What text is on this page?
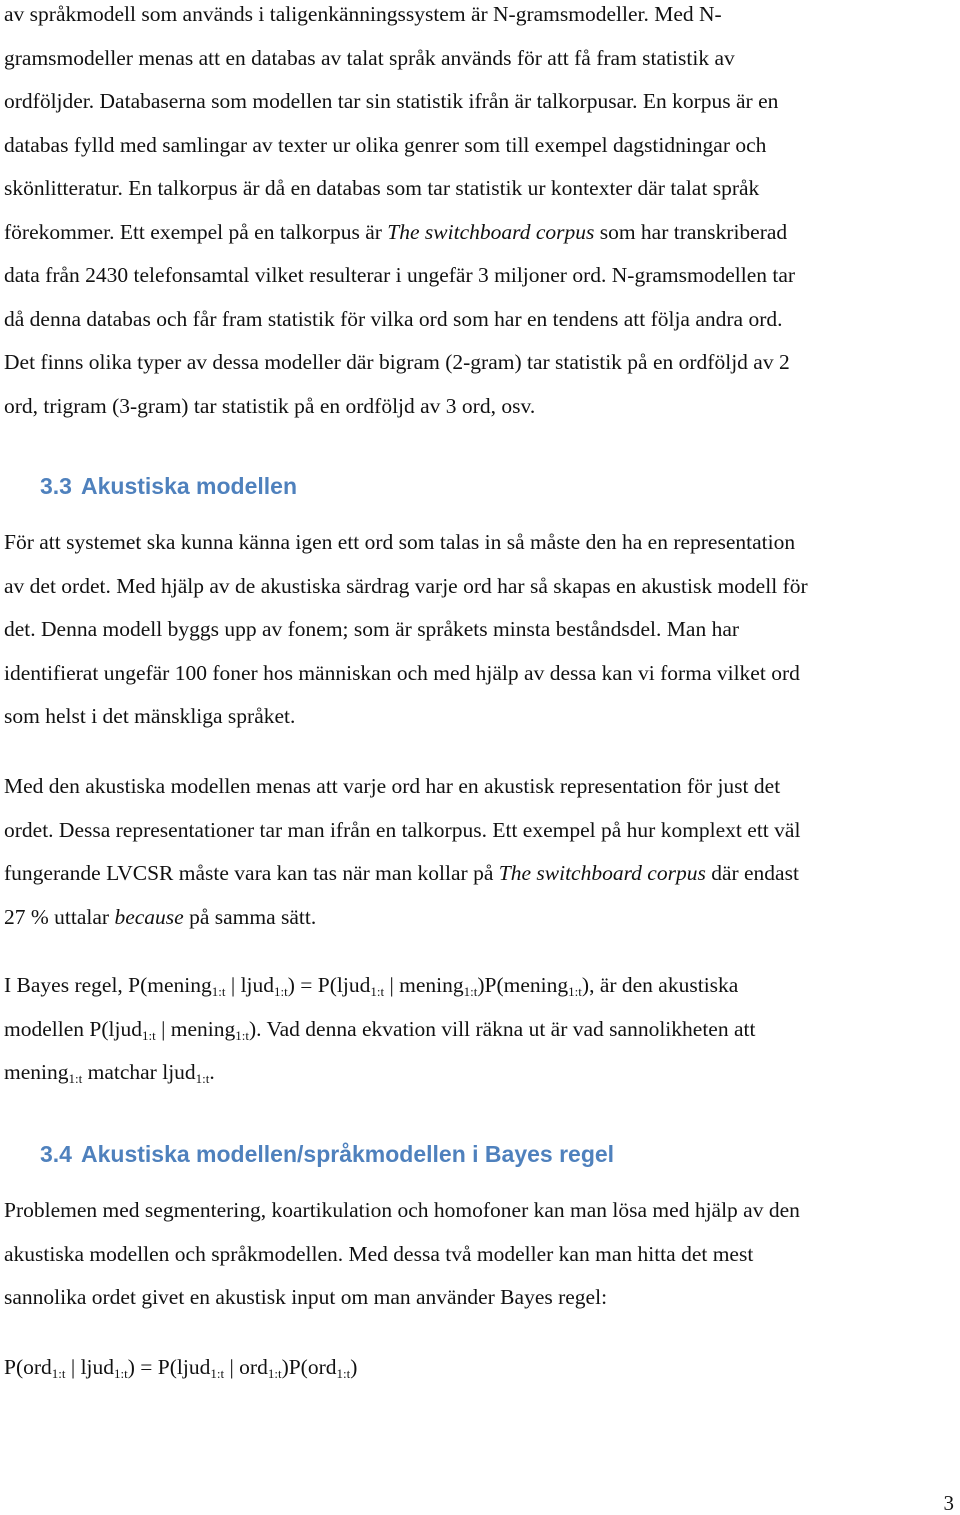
av språkmodell som används i taligenkänningssystem är N-gramsmodeller. Med N-
gramsmodeller menas att en databas av talat språk används för att få fram statistik av
ordföljder. Databaserna som modellen tar sin statistik ifrån är talkorpusar. En korpus är en
databas fylld med samlingar av texter ur olika genrer som till exempel dagstidningar och
skönlitteratur. En talkorpus är då en databas som tar statistik ur kontexter där talat språk
förekommer. Ett exempel på en talkorpus är The switchboard corpus som har transkriberad
data från 2430 telefonsamtal vilket resulterar i ungefär 3 miljoner ord. N-gramsmodellen tar
då denna databas och får fram statistik för vilka ord som har en tendens att följa andra ord.
Det finns olika typer av dessa modeller där bigram (2-gram) tar statistik på en ordföljd av 2
ord, trigram (3-gram) tar statistik på en ordföljd av 3 ord, osv.

3.3 Akustiska modellen

För att systemet ska kunna känna igen ett ord som talas in så måste den ha en representation
av det ordet. Med hjälp av de akustiska särdrag varje ord har så skapas en akustisk modell för
det. Denna modell byggs upp av fonem; som är språkets minsta beståndsdel. Man har
identifierat ungefär 100 foner hos människan och med hjälp av dessa kan vi forma vilket ord
som helst i det mänskliga språket.

Med den akustiska modellen menas att varje ord har en akustisk representation för just det
ordet. Dessa representationer tar man ifrån en talkorpus. Ett exempel på hur komplext ett väl
fungerande LVCSR måste vara kan tas när man kollar på The switchboard corpus där endast
27 % uttalar because på samma sätt.

I Bayes regel, P(mening$_{1:t}$ | ljud$_{1:t}$) = P(ljud$_{1:t}$ | mening$_{1:t}$)P(mening$_{1:t}$), är den akustiska
modellen P(ljud$_{1:t}$ | mening$_{1:t}$). Vad denna ekvation vill räkna ut är vad sannolikheten att
mening$_{1:t}$ matchar ljud$_{1:t}$.

3.4 Akustiska modellen/språkmodellen i Bayes regel

Problemen med segmentering, koartikulation och homofoner kan man lösa med hjälp av den
akustiska modellen och språkmodellen. Med dessa två modeller kan man hitta det mest
sannolika ordet givet en akustisk input om man använder Bayes regel:

P(ord$_{1:t}$ | ljud$_{1:t}$) = P(ljud$_{1:t}$ | ord$_{1:t}$)P(ord$_{1:t}$)

3
